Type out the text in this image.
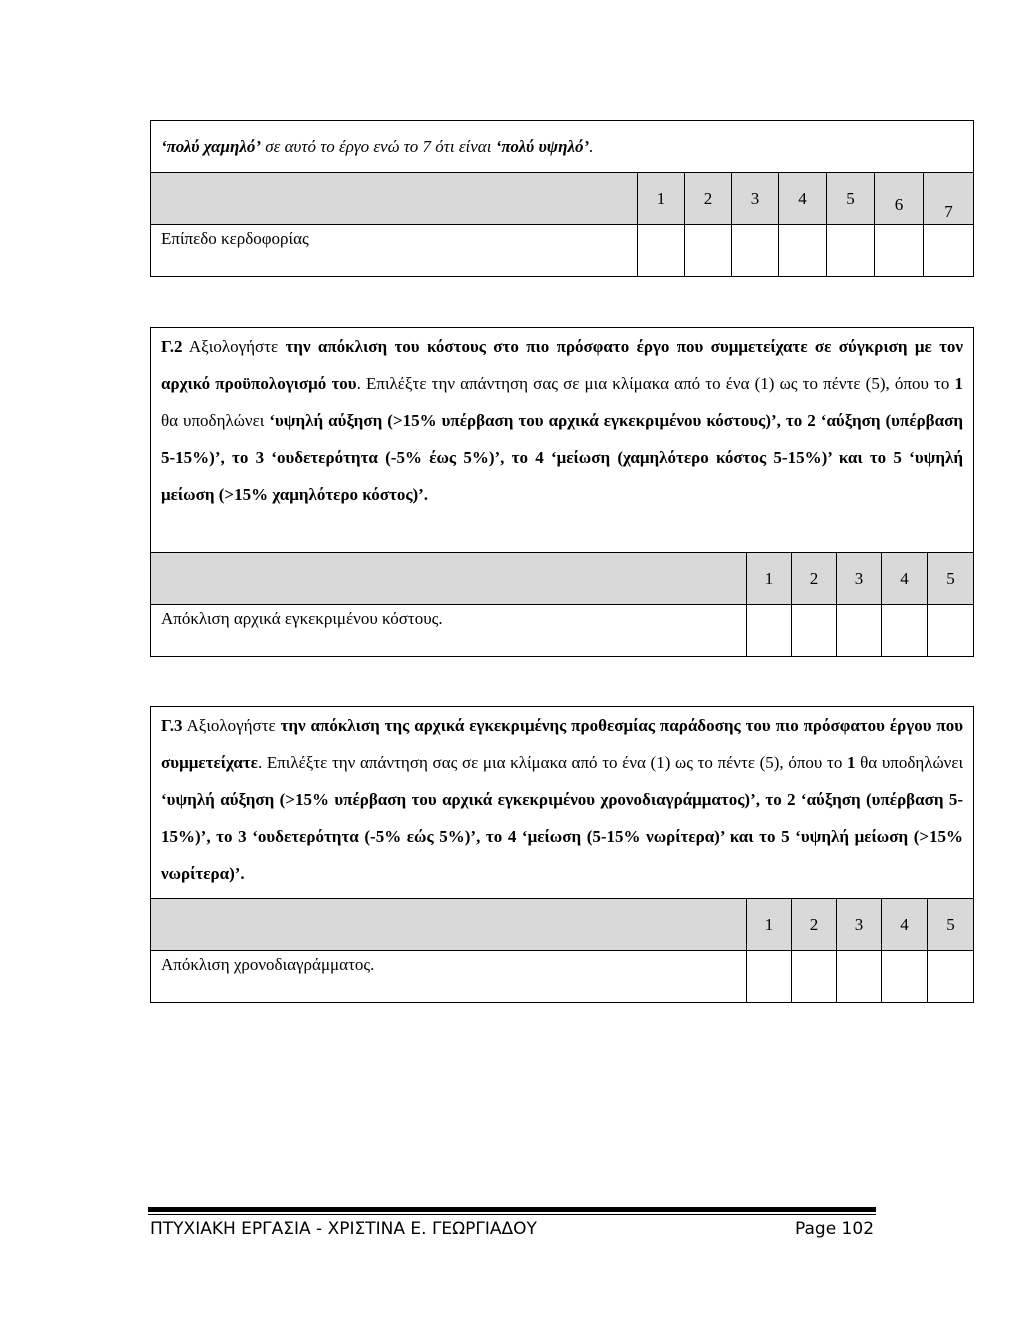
‘πολύ χαμηλό’ σε αυτό το έργο ενώ το 7 ότι είναι ‘πολύ υψηλό’.							
	1	2	3	4	5	6	7
Επίπεδο κερδοφορίας							
Γ.2 Αξιολογήστε την απόκλιση του κόστους στο πιο πρόσφατο έργο που συμμετείχατε σε σύγκριση με τον αρχικό προϋπολογισμό του. Επιλέξτε την απάντηση σας σε μια κλίμακα από το ένα (1) ως το πέντε (5), όπου το 1 θα υποδηλώνει ‘υψηλή αύξηση (>15% υπέρβαση του αρχικά εγκεκριμένου κόστους)’, το 2 ‘αύξηση (υπέρβαση 5-15%)’, το 3 ‘ουδετερότητα (-5% έως 5%)’, το 4 ‘μείωση (χαμηλότερο κόστος 5-15%)’ και το 5 ‘υψηλή μείωση (>15% χαμηλότερο κόστος)’.					
	1	2	3	4	5
Απόκλιση αρχικά εγκεκριμένου κόστους.					
Γ.3 Αξιολογήστε την απόκλιση της αρχικά εγκεκριμένης προθεσμίας παράδοσης του πιο πρόσφατου έργου που συμμετείχατε. Επιλέξτε την απάντηση σας σε μια κλίμακα από το ένα (1) ως το πέντε (5), όπου το 1 θα υποδηλώνει ‘υψηλή αύξηση (>15% υπέρβαση του αρχικά εγκεκριμένου χρονοδιαγράμματος)’, το 2 ‘αύξηση (υπέρβαση 5-15%)’, το 3 ‘ουδετερότητα (-5% εώς 5%)’, το 4 ‘μείωση (5-15% νωρίτερα)’ και το 5 ‘υψηλή μείωση (>15% νωρίτερα)’.					
	1	2	3	4	5
Απόκλιση χρονοδιαγράμματος.					
ΠΤΥΧΙΑΚΗ ΕΡΓΑΣΙΑ - ΧΡΙΣΤΙΝΑ Ε. ΓΕΩΡΓΙΑΔΟΥ	Page 102
